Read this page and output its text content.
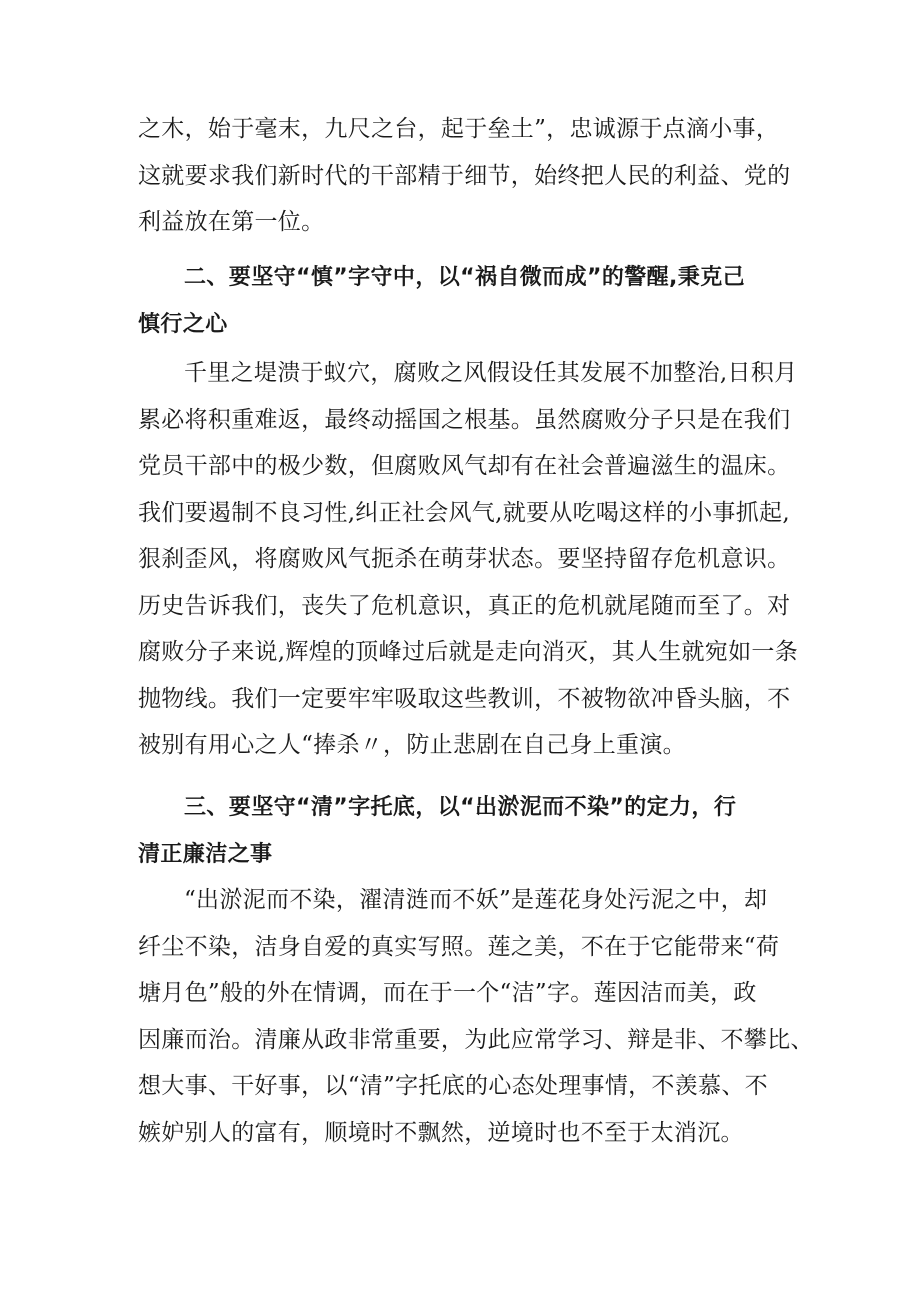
之木，始于毫末，九尺之台，起于垒土”，忠诚源于点滴小事，
这就要求我们新时代的干部精于细节，始终把人民的利益、党的
利益放在第一位。
二、要坚守“慎”字守中，以“祸自微而成”的警醒,秉克己
慎行之心
千里之堤溃于蚁穴，腐败之风假设任其发展不加整治,日积月
累必将积重难返，最终动摇国之根基。虽然腐败分子只是在我们
党员干部中的极少数，但腐败风气却有在社会普遍滋生的温床。
我们要遏制不良习性,纠正社会风气,就要从吃喝这样的小事抓起,
狠刹歪风，将腐败风气扼杀在萌芽状态。要坚持留存危机意识。
历史告诉我们，丧失了危机意识，真正的危机就尾随而至了。对
腐败分子来说,辉煌的顶峰过后就是走向消灭，其人生就宛如一条
抛物线。我们一定要牢牢吸取这些教训，不被物欲冲昏头脑，不
被别有用心之人“捧杀〃，防止悲剧在自己身上重演。
三、要坚守“清”字托底，以“出淤泥而不染”的定力，行
清正廉洁之事
“出淤泥而不染，濯清涟而不妖”是莲花身处污泥之中，却
纤尘不染，洁身自爱的真实写照。莲之美，不在于它能带来“荷
塘月色”般的外在情调，而在于一个“洁”字。莲因洁而美，政
因廉而治。清廉从政非常重要，为此应常学习、辩是非、不攀比、
想大事、干好事，以“清”字托底的心态处理事情，不羡慕、不
嫉妒别人的富有，顺境时不飘然，逆境时也不至于太消沉。
